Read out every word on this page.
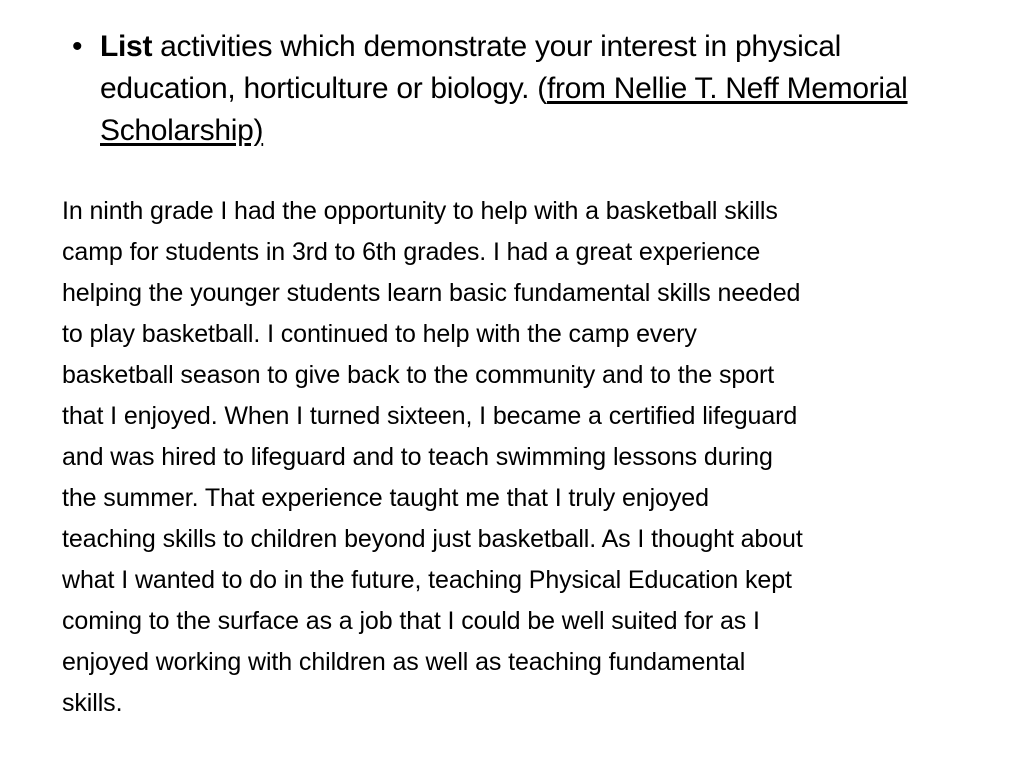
• List activities which demonstrate your interest in physical education, horticulture or biology. (from Nellie T. Neff Memorial Scholarship)
In ninth grade I had the opportunity to help with a basketball skills
camp for students in 3rd to 6th grades. I had a great experience
helping the younger students learn basic fundamental skills needed
to play basketball. I continued to help with the camp every
basketball season to give back to the community and to the sport
that I enjoyed. When I turned sixteen, I became a certified lifeguard
and was hired to lifeguard and to teach swimming lessons during
the summer. That experience taught me that I truly enjoyed
teaching skills to children beyond just basketball. As I thought about
what I wanted to do in the future, teaching Physical Education kept
coming to the surface as a job that I could be well suited for as I
enjoyed working with children as well as teaching fundamental
skills.
